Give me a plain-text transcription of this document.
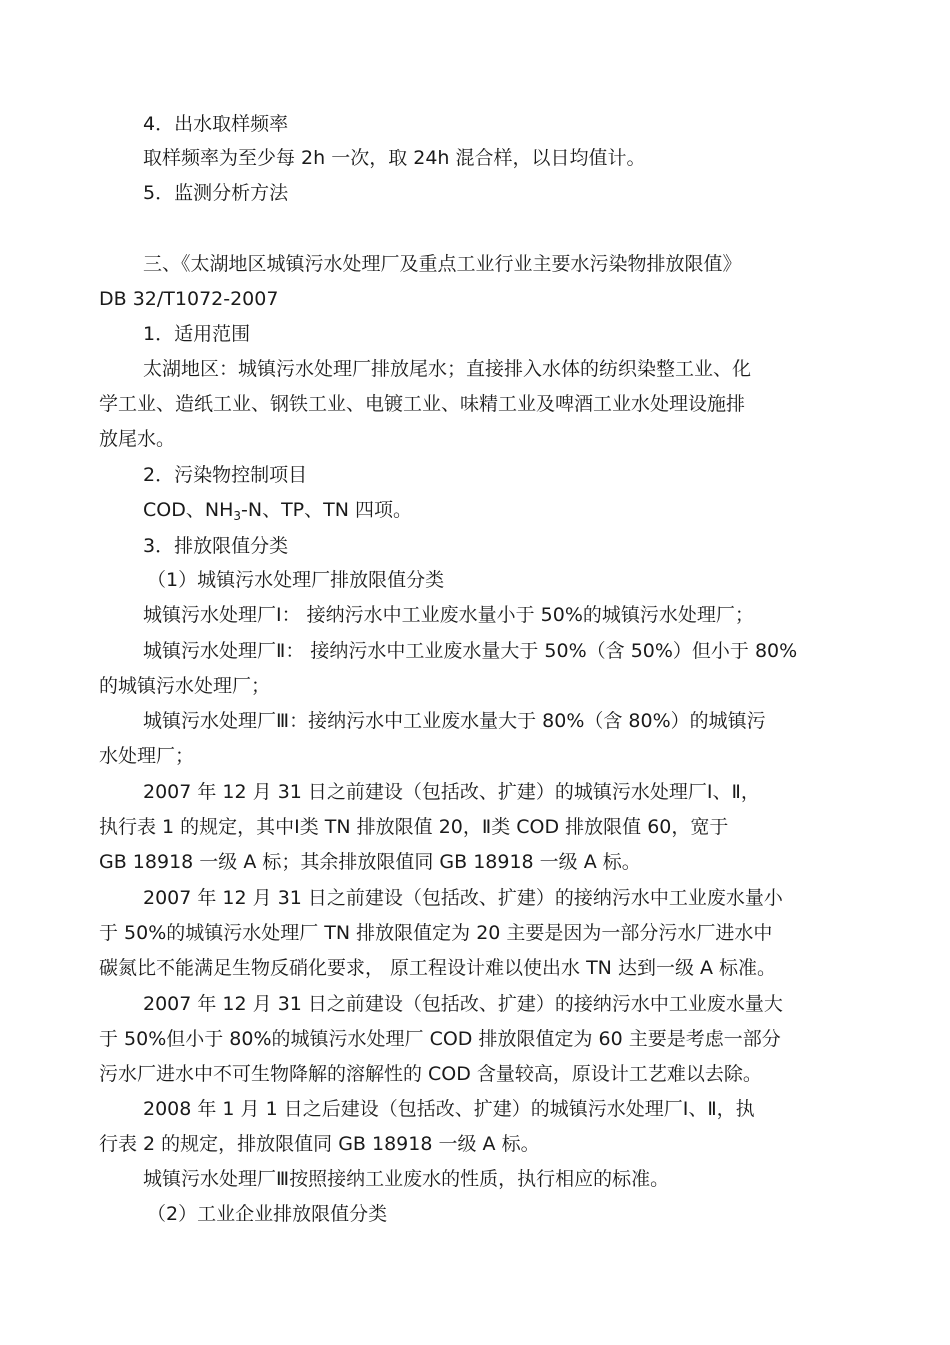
4．出水取样频率
取样频率为至少每 2h 一次，取 24h 混合样，以日均值计。
5．监测分析方法
三、《太湖地区城镇污水处理厂及重点工业行业主要水污染物排放限值》
DB 32/T1072-2007
1．适用范围
太湖地区：城镇污水处理厂排放尾水；直接排入水体的纺织染整工业、化
学工业、造纸工业、钢铁工业、电镀工业、味精工业及啤酒工业水处理设施排
放尾水。
2．污染物控制项目
COD、$NH_3-N$、TP、TN 四项。
3．排放限值分类
（1）城镇污水处理厂排放限值分类
城镇污水处理厂Ⅰ： 接纳污水中工业废水量小于 50%的城镇污水处理厂；
城镇污水处理厂Ⅱ： 接纳污水中工业废水量大于 50%（含 50%）但小于 80%
的城镇污水处理厂；
城镇污水处理厂Ⅲ：接纳污水中工业废水量大于 80%（含 80%）的城镇污
水处理厂；
2007 年 12 月 31 日之前建设（包括改、扩建）的城镇污水处理厂Ⅰ、Ⅱ，
执行表 1 的规定，其中Ⅰ类 TN 排放限值 20，Ⅱ类 COD 排放限值 60，宽于
GB 18918 一级 A 标；其余排放限值同 GB 18918 一级 A 标。
2007 年 12 月 31 日之前建设（包括改、扩建）的接纳污水中工业废水量小
于 50%的城镇污水处理厂 TN 排放限值定为 20 主要是因为一部分污水厂进水中
碳氮比不能满足生物反硝化要求， 原工程设计难以使出水 TN 达到一级 A 标准。
2007 年 12 月 31 日之前建设（包括改、扩建）的接纳污水中工业废水量大
于 50%但小于 80%的城镇污水处理厂 COD 排放限值定为 60 主要是考虑一部分
污水厂进水中不可生物降解的溶解性的 COD 含量较高，原设计工艺难以去除。
2008 年 1 月 1 日之后建设（包括改、扩建）的城镇污水处理厂Ⅰ、Ⅱ，执
行表 2 的规定，排放限值同 GB 18918 一级 A 标。
城镇污水处理厂Ⅲ按照接纳工业废水的性质，执行相应的标准。
（2）工业企业排放限值分类
